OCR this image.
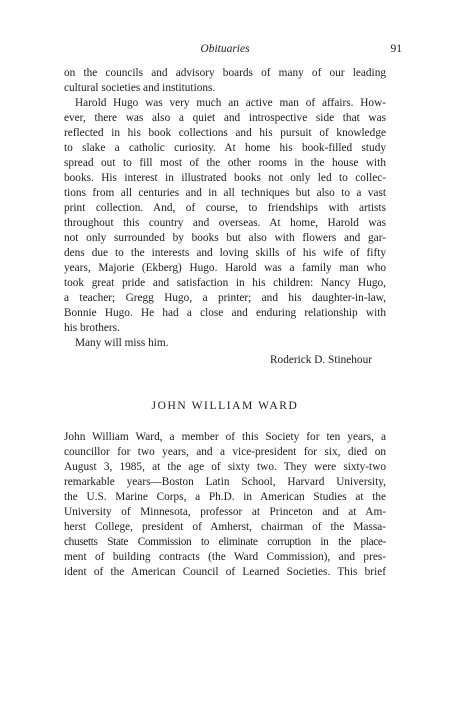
Obituaries	91

on the councils and advisory boards of many of our leading
cultural societies and institutions.

Harold Hugo was very much an active man of affairs. How-
ever, there was also a quiet and introspective side that was
reflected in his book collections and his pursuit of knowledge
to slake a catholic curiosity. At home his book-filled study
spread out to fill most of the other rooms in the house with
books. His interest in illustrated books not only led to collec-
tions from all centuries and in all techniques but also to a vast
print collection. And, of course, to friendships with artists
throughout this country and overseas. At home, Harold was
not only surrounded by books but also with flowers and gar-
dens due to the interests and loving skills of his wife of fifty
years, Majorie (Ekberg) Hugo. Harold was a family man who
took great pride and satisfaction in his children: Nancy Hugo,
a teacher; Gregg Hugo, a printer; and his daughter-in-law,
Bonnie Hugo. He had a close and enduring relationship with
his brothers.

Many will miss him.

Roderick D. Stinehour
JOHN WILLIAM WARD

John William Ward, a member of this Society for ten years, a
councillor for two years, and a vice-president for six, died on
August 3, 1985, at the age of sixty two. They were sixty-two
remarkable years—Boston Latin School, Harvard University,
the U.S. Marine Corps, a Ph.D. in American Studies at the
University of Minnesota, professor at Princeton and at Am-
herst College, president of Amherst, chairman of the Massa-
chusetts State Commission to eliminate corruption in the place-
ment of building contracts (the Ward Commission), and pres-
ident of the American Council of Learned Societies. This brief
